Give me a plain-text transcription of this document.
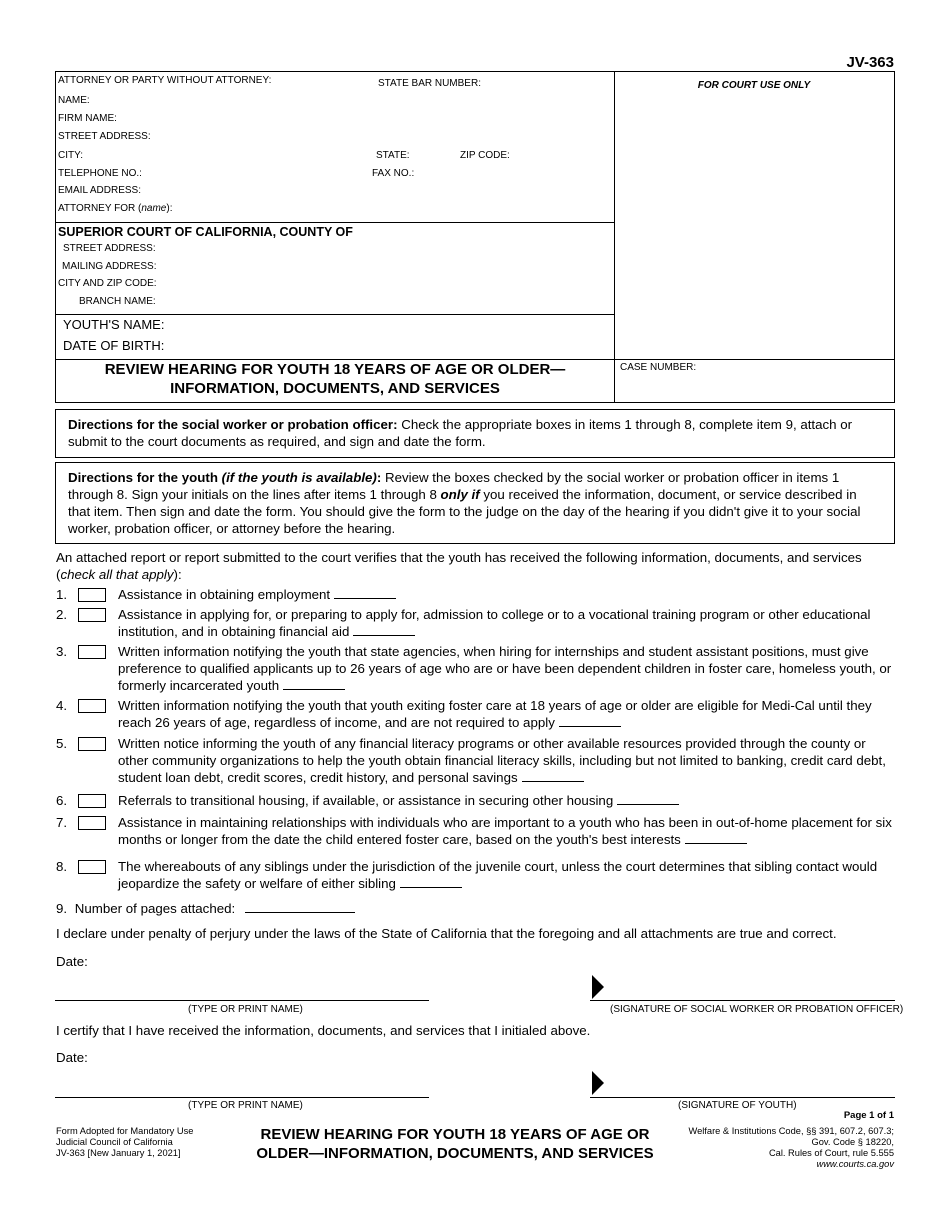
JV-363
ATTORNEY OR PARTY WITHOUT ATTORNEY:	STATE BAR NUMBER:
NAME:
FIRM NAME:
STREET ADDRESS:
CITY:	STATE:	ZIP CODE:
TELEPHONE NO.:	FAX NO.:
EMAIL ADDRESS:
ATTORNEY FOR (name):
SUPERIOR COURT OF CALIFORNIA, COUNTY OF
STREET ADDRESS:
MAILING ADDRESS:
CITY AND ZIP CODE:
BRANCH NAME:
YOUTH'S NAME:
DATE OF BIRTH:
REVIEW HEARING FOR YOUTH 18 YEARS OF AGE OR OLDER—
INFORMATION, DOCUMENTS, AND SERVICES
FOR COURT USE ONLY
CASE NUMBER:
Directions for the social worker or probation officer: Check the appropriate boxes in items 1 through 8, complete item 9, attach or submit to the court documents as required, and sign and date the form.
Directions for the youth (if the youth is available): Review the boxes checked by the social worker or probation officer in items 1 through 8. Sign your initials on the lines after items 1 through 8 only if you received the information, document, or service described in that item. Then sign and date the form. You should give the form to the judge on the day of the hearing if you didn't give it to your social worker, probation officer, or attorney before the hearing.
An attached report or report submitted to the court verifies that the youth has received the following information, documents, and services (check all that apply):
1.	Assistance in obtaining employment
2.	Assistance in applying for, or preparing to apply for, admission to college or to a vocational training program or other educational institution, and in obtaining financial aid
3.	Written information notifying the youth that state agencies, when hiring for internships and student assistant positions, must give preference to qualified applicants up to 26 years of age who are or have been dependent children in foster care, homeless youth, or formerly incarcerated youth
4.	Written information notifying the youth that youth exiting foster care at 18 years of age or older are eligible for Medi-Cal until they reach 26 years of age, regardless of income, and are not required to apply
5.	Written notice informing the youth of any financial literacy programs or other available resources provided through the county or other community organizations to help the youth obtain financial literacy skills, including but not limited to banking, credit card debt, student loan debt, credit scores, credit history, and personal savings
6.	Referrals to transitional housing, if available, or assistance in securing other housing
7.	Assistance in maintaining relationships with individuals who are important to a youth who has been in out-of-home placement for six months or longer from the date the child entered foster care, based on the youth's best interests
8.	The whereabouts of any siblings under the jurisdiction of the juvenile court, unless the court determines that sibling contact would jeopardize the safety or welfare of either sibling
9. Number of pages attached:
I declare under penalty of perjury under the laws of the State of California that the foregoing and all attachments are true and correct.
Date:
(TYPE OR PRINT NAME)	(SIGNATURE OF SOCIAL WORKER OR PROBATION OFFICER)
I certify that I have received the information, documents, and services that I initialed above.
Date:
(TYPE OR PRINT NAME)	(SIGNATURE OF YOUTH)
Page 1 of 1
Form Adopted for Mandatory Use
Judicial Council of California
JV-363 [New January 1, 2021]
REVIEW HEARING FOR YOUTH 18 YEARS OF AGE OR
OLDER—INFORMATION, DOCUMENTS, AND SERVICES
Welfare & Institutions Code, §§ 391, 607.2, 607.3;
Gov. Code § 18220,
Cal. Rules of Court, rule 5.555
www.courts.ca.gov
